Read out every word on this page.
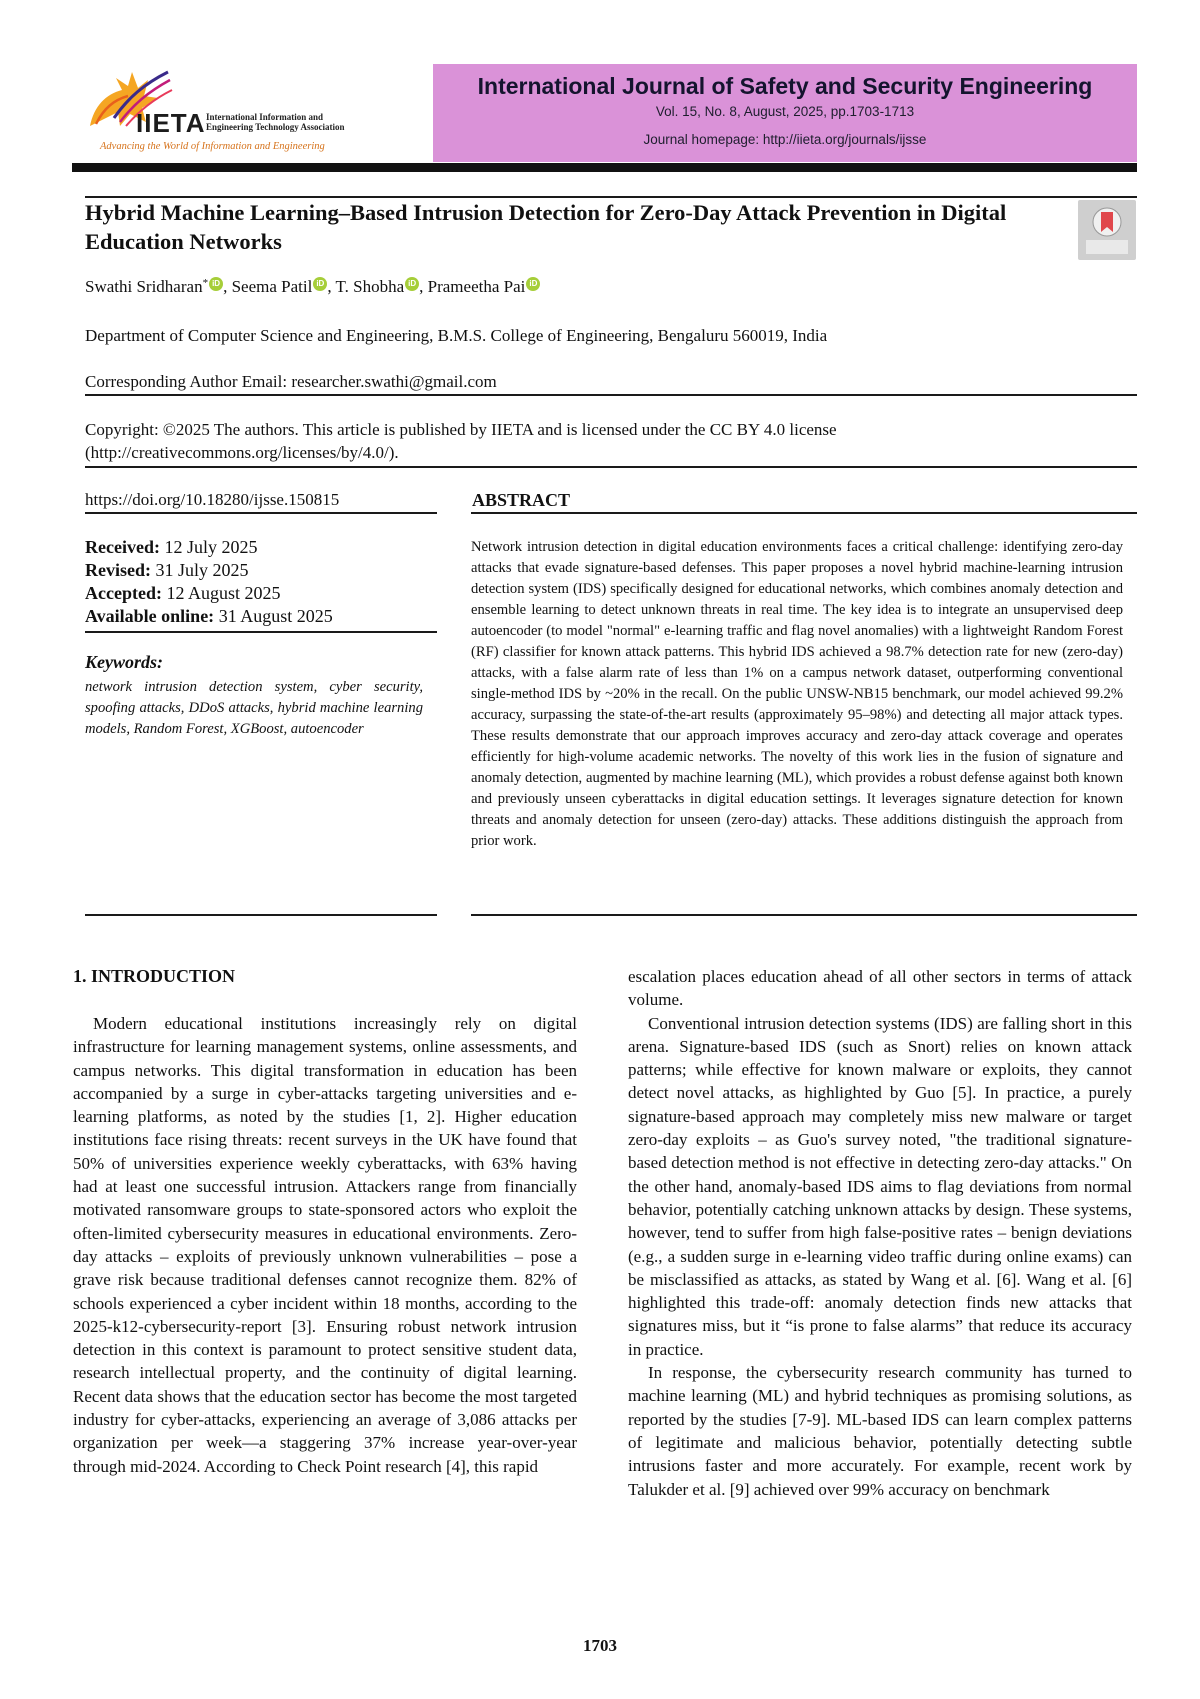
IIETA International Information and
Engineering Technology Association
Advancing the World of Information and Engineering
International Journal of Safety and Security Engineering
Vol. 15, No. 8, August, 2025, pp.1703-1713
Journal homepage: http://iieta.org/journals/ijsse
Hybrid Machine Learning–Based Intrusion Detection for Zero-Day Attack Prevention in Digital Education Networks
Swathi Sridharan* iD , Seema Patil iD , T. Shobha iD , Prameetha Pai iD
Department of Computer Science and Engineering, B.M.S. College of Engineering, Bengaluru 560019, India
Corresponding Author Email: researcher.swathi@gmail.com
Copyright: ©2025 The authors. This article is published by IIETA and is licensed under the CC BY 4.0 license (http://creativecommons.org/licenses/by/4.0/).
https://doi.org/10.18280/ijsse.150815
Received: 12 July 2025
Revised: 31 July 2025
Accepted: 12 August 2025
Available online: 31 August 2025
Keywords:
network intrusion detection system, cyber security, spoofing attacks, DDoS attacks, hybrid machine learning models, Random Forest, XGBoost, autoencoder
ABSTRACT
Network intrusion detection in digital education environments faces a critical challenge: identifying zero-day attacks that evade signature-based defenses. This paper proposes a novel hybrid machine-learning intrusion detection system (IDS) specifically designed for educational networks, which combines anomaly detection and ensemble learning to detect unknown threats in real time. The key idea is to integrate an unsupervised deep autoencoder (to model "normal" e-learning traffic and flag novel anomalies) with a lightweight Random Forest (RF) classifier for known attack patterns. This hybrid IDS achieved a 98.7% detection rate for new (zero-day) attacks, with a false alarm rate of less than 1% on a campus network dataset, outperforming conventional single-method IDS by ~20% in the recall. On the public UNSW-NB15 benchmark, our model achieved 99.2% accuracy, surpassing the state-of-the-art results (approximately 95–98%) and detecting all major attack types. These results demonstrate that our approach improves accuracy and zero-day attack coverage and operates efficiently for high-volume academic networks. The novelty of this work lies in the fusion of signature and anomaly detection, augmented by machine learning (ML), which provides a robust defense against both known and previously unseen cyberattacks in digital education settings. It leverages signature detection for known threats and anomaly detection for unseen (zero-day) attacks. These additions distinguish the approach from prior work.
1. INTRODUCTION

Modern educational institutions increasingly rely on digital infrastructure for learning management systems, online assessments, and campus networks. This digital transformation in education has been accompanied by a surge in cyber-attacks targeting universities and e-learning platforms, as noted by the studies [1, 2]. Higher education institutions face rising threats: recent surveys in the UK have found that 50% of universities experience weekly cyberattacks, with 63% having had at least one successful intrusion. Attackers range from financially motivated ransomware groups to state-sponsored actors who exploit the often-limited cybersecurity measures in educational environments. Zero-day attacks – exploits of previously unknown vulnerabilities – pose a grave risk because traditional defenses cannot recognize them. 82% of schools experienced a cyber incident within 18 months, according to the 2025-k12-cybersecurity-report [3]. Ensuring robust network intrusion detection in this context is paramount to protect sensitive student data, research intellectual property, and the continuity of digital learning. Recent data shows that the education sector has become the most targeted industry for cyber-attacks, experiencing an average of 3,086 attacks per organization per week—a staggering 37% increase year-over-year through mid-2024. According to Check Point research [4], this rapid

escalation places education ahead of all other sectors in terms of attack volume.

Conventional intrusion detection systems (IDS) are falling short in this arena. Signature-based IDS (such as Snort) relies on known attack patterns; while effective for known malware or exploits, they cannot detect novel attacks, as highlighted by Guo [5]. In practice, a purely signature-based approach may completely miss new malware or target zero-day exploits – as Guo's survey noted, "the traditional signature-based detection method is not effective in detecting zero-day attacks." On the other hand, anomaly-based IDS aims to flag deviations from normal behavior, potentially catching unknown attacks by design. These systems, however, tend to suffer from high false-positive rates – benign deviations (e.g., a sudden surge in e-learning video traffic during online exams) can be misclassified as attacks, as stated by Wang et al. [6]. Wang et al. [6] highlighted this trade-off: anomaly detection finds new attacks that signatures miss, but it “is prone to false alarms” that reduce its accuracy in practice.

In response, the cybersecurity research community has turned to machine learning (ML) and hybrid techniques as promising solutions, as reported by the studies [7-9]. ML-based IDS can learn complex patterns of legitimate and malicious behavior, potentially detecting subtle intrusions faster and more accurately. For example, recent work by Talukder et al. [9] achieved over 99% accuracy on benchmark

1703
